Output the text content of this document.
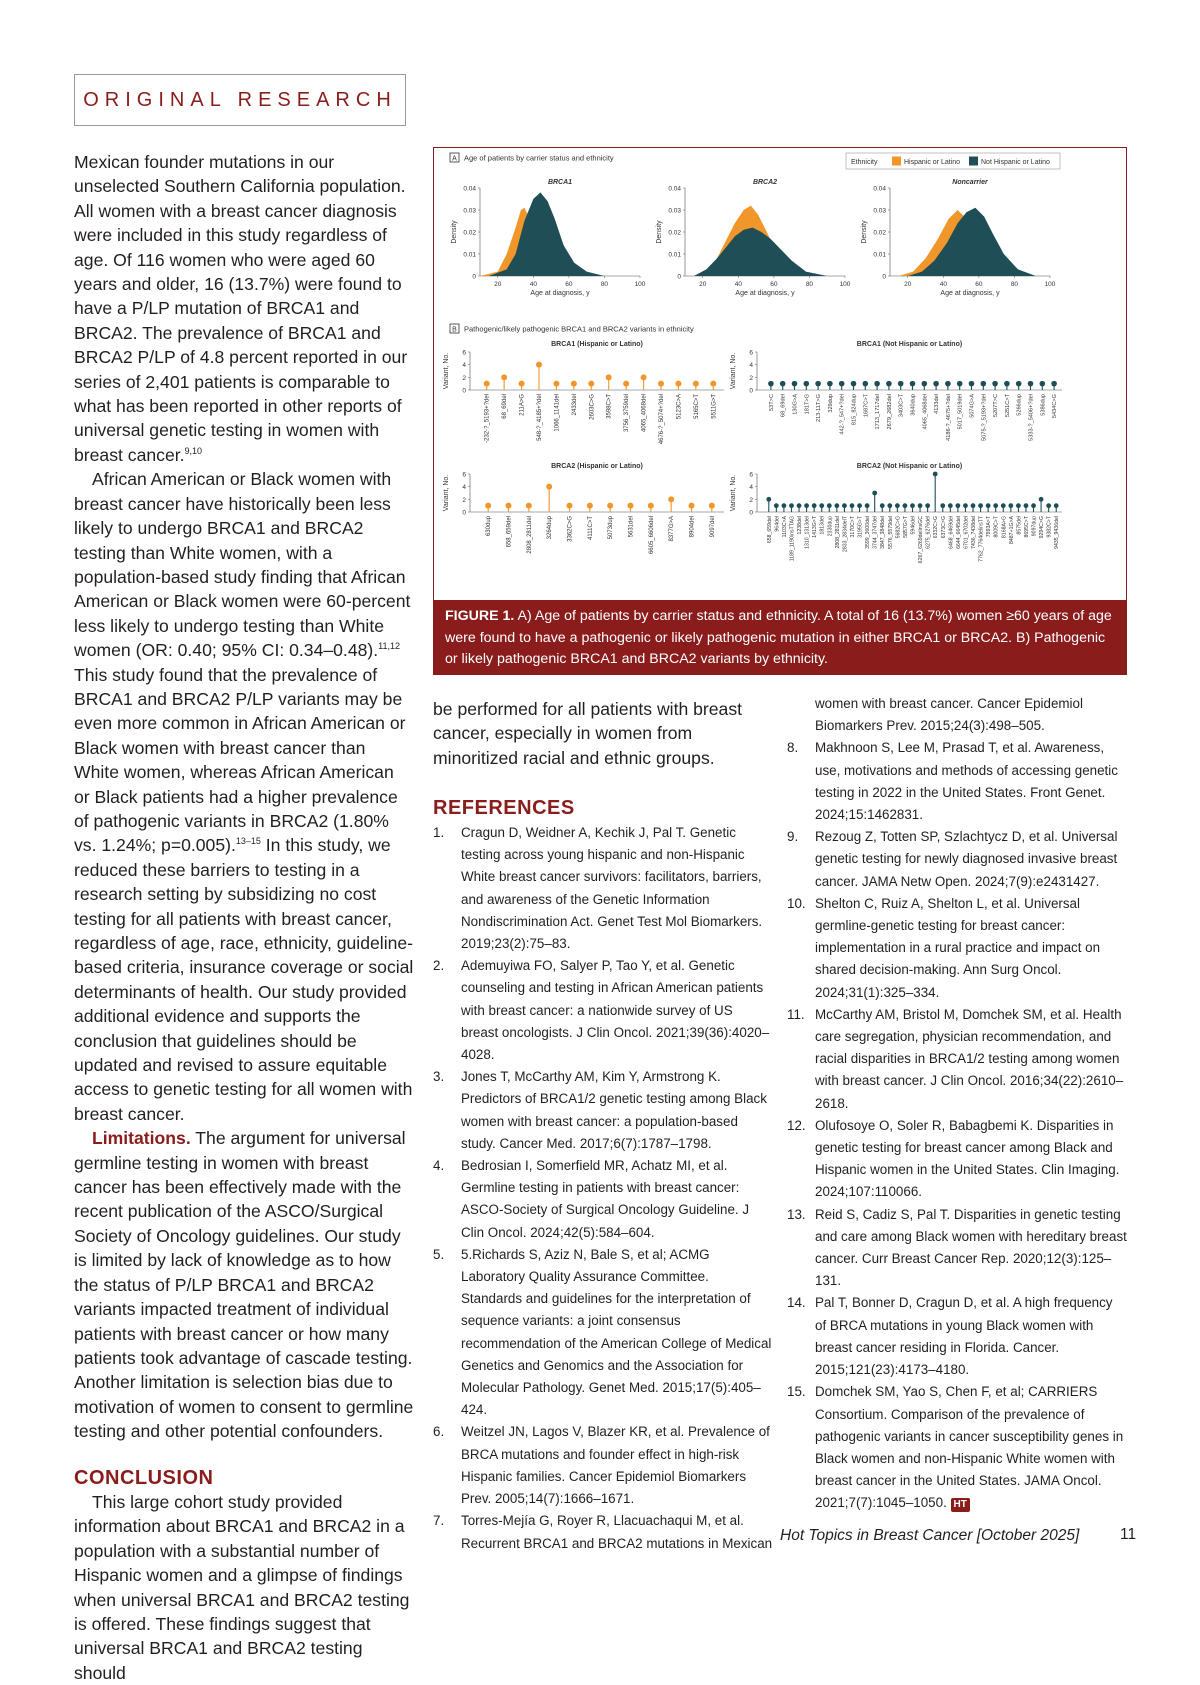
ORIGINAL RESEARCH

Mexican founder mutations in our unselected Southern California population. All women with a breast cancer diagnosis were included in this study regardless of age. Of 116 women who were aged 60 years and older, 16 (13.7%) were found to have a P/LP mutation of BRCA1 and BRCA2. The prevalence of BRCA1 and BRCA2 P/LP of 4.8 percent reported in our series of 2,401 patients is comparable to what has been reported in other reports of universal genetic testing in women with breast cancer.$^{9,10}$

African American or Black women with breast cancer have historically been less likely to undergo BRCA1 and BRCA2 testing than White women, with a population-based study finding that African American or Black women were 60-percent less likely to undergo testing than White women (OR: 0.40; 95% CI: 0.34–0.48).$^{11,12}$ This study found that the prevalence of BRCA1 and BRCA2 P/LP variants may be even more common in African American or Black women with breast cancer than White women, whereas African American or Black patients had a higher prevalence of pathogenic variants in BRCA2 (1.80% vs. 1.24%; p=0.005).$^{13-15}$ In this study, we reduced these barriers to testing in a research setting by subsidizing no cost testing for all patients with breast cancer, regardless of age, race, ethnicity, guideline-based criteria, insurance coverage or social determinants of health. Our study provided additional evidence and supports the conclusion that guidelines should be updated and revised to assure equitable access to genetic testing for all women with breast cancer.

Limitations. The argument for universal germline testing in women with breast cancer has been effectively made with the recent publication of the ASCO/Surgical Society of Oncology guidelines. Our study is limited by lack of knowledge as to how the status of P/LP BRCA1 and BRCA2 variants impacted treatment of individual patients with breast cancer or how many patients took advantage of cascade testing. Another limitation is selection bias due to motivation of women to consent to germline testing and other potential confounders.

CONCLUSION

This large cohort study provided information about BRCA1 and BRCA2 in a population with a substantial number of Hispanic women and a glimpse of findings when universal BRCA1 and BRCA2 testing is offered. These findings suggest that universal BRCA1 and BRCA2 testing should

A Age of patients by carrier status and ethnicity	Ethnicity	Hispanic or Latino	Not Hispanic or Latino
BRCA1
0
0.01
0.02
0.03
0.04
20	40	60	80	100
Age at diagnosis, y
Density
BRCA2
0
0.01
0.02
0.03
0.04
20	40	60	80	100
Age at diagnosis, y
Density
Noncarrier
0
0.01
0.02
0.03
0.04
20	40	60	80	100
Age at diagnosis, y
Density
B Pathogenic/likely pathogenic BRCA1 and BRCA2 variants in ethnicity
BRCA1 (Hispanic or Latino)
0
2
4
6
Variant, No.
-232-?_5193+?del 68_69del 211A>G 548-?_4185+?del 1066_1141del 2433del 2603C>G 3598C>T 3756_3759del 4065_4068del 4676-?_5074+?del 5123C>A 5165C>T 5511G>T
BRCA1 (Not Hispanic or Latino)
0
2
4
6
Variant, No.
53T>C 68_69del 130G>A 181T>G 213-11T>G 329dup 442-?_547+?del 815_824dup 1687C>T 1713_1717del 2679_2682del 3403C>T 3640dup 4065_4068del 4133del 4186-?_4675+?del 5017_5019del 5074G>A 5075-?_5193+?del 5207T>C 5251C>T 5266dup 5333-?_5406+?del 5386dup 5434C>G
BRCA2 (Hispanic or Latino)
0
2
4
6
Variant, No.
630dup 658_659del 2808_2811del 3264dup 3362C>G 4111C>T 5073dup 5631del 6605_6606del 8377G>A 8904del 9097del
BRCA2 (Not Hispanic or Latino)
0
2
4
6
Variant, No.
658_659del 964del 1103C>A 1189_1190insTTAG 1238del 1310_1313del 1413G>T 1813del 2330dup 2808_2811del 2833_2834delT 3170C>T 3195G>T 3599_3600del 3744_3747del 3847_3848del 5576_5579del 5682C>G 5857G>T 5946del 6267_6269delinsGC 6275_6276del 6332C>G 6373C>G 6468_6469del 6644_6645del 6701_6702del 7436_7438del 7762_7764delinsTT 7993A>T 8009C>T 8168A>G 8487+1G>A 8575del 8695C>T 9097dup 9294C>G 9382C>T 9435_9436del
FIGURE 1. A) Age of patients by carrier status and ethnicity. A total of 16 (13.7%) women ≥60 years of age were found to have a pathogenic or likely pathogenic mutation in either BRCA1 or BRCA2. B) Pathogenic or likely pathogenic BRCA1 and BRCA2 variants by ethnicity.

be performed for all patients with breast cancer, especially in women from minoritized racial and ethnic groups.

REFERENCES

1. Cragun D, Weidner A, Kechik J, Pal T. Genetic testing across young hispanic and non-Hispanic White breast cancer survivors: facilitators, barriers, and awareness of the Genetic Information Nondiscrimination Act. Genet Test Mol Biomarkers. 2019;23(2):75–83.
2. Ademuyiwa FO, Salyer P, Tao Y, et al. Genetic counseling and testing in African American patients with breast cancer: a nationwide survey of US breast oncologists. J Clin Oncol. 2021;39(36):4020–4028.
3. Jones T, McCarthy AM, Kim Y, Armstrong K. Predictors of BRCA1/2 genetic testing among Black women with breast cancer: a population-based study. Cancer Med. 2017;6(7):1787–1798.
4. Bedrosian I, Somerfield MR, Achatz MI, et al. Germline testing in patients with breast cancer: ASCO-Society of Surgical Oncology Guideline. J Clin Oncol. 2024;42(5):584–604.
5. 5.Richards S, Aziz N, Bale S, et al; ACMG Laboratory Quality Assurance Committee. Standards and guidelines for the interpretation of sequence variants: a joint consensus recommendation of the American College of Medical Genetics and Genomics and the Association for Molecular Pathology. Genet Med. 2015;17(5):405–424.
6. Weitzel JN, Lagos V, Blazer KR, et al. Prevalence of BRCA mutations and founder effect in high-risk Hispanic families. Cancer Epidemiol Biomarkers Prev. 2005;14(7):1666–1671.
7. Torres-Mejía G, Royer R, Llacuachaqui M, et al. Recurrent BRCA1 and BRCA2 mutations in Mexican
women with breast cancer. Cancer Epidemiol Biomarkers Prev. 2015;24(3):498–505.
8. Makhnoon S, Lee M, Prasad T, et al. Awareness, use, motivations and methods of accessing genetic testing in 2022 in the United States. Front Genet. 2024;15:1462831.
9. Rezoug Z, Totten SP, Szlachtycz D, et al. Universal genetic testing for newly diagnosed invasive breast cancer. JAMA Netw Open. 2024;7(9):e2431427.
10. Shelton C, Ruiz A, Shelton L, et al. Universal germline-genetic testing for breast cancer: implementation in a rural practice and impact on shared decision-making. Ann Surg Oncol. 2024;31(1):325–334.
11. McCarthy AM, Bristol M, Domchek SM, et al. Health care segregation, physician recommendation, and racial disparities in BRCA1/2 testing among women with breast cancer. J Clin Oncol. 2016;34(22):2610–2618.
12. Olufosoye O, Soler R, Babagbemi K. Disparities in genetic testing for breast cancer among Black and Hispanic women in the United States. Clin Imaging. 2024;107:110066.
13. Reid S, Cadiz S, Pal T. Disparities in genetic testing and care among Black women with hereditary breast cancer. Curr Breast Cancer Rep. 2020;12(3):125–131.
14. Pal T, Bonner D, Cragun D, et al. A high frequency of BRCA mutations in young Black women with breast cancer residing in Florida. Cancer. 2015;121(23):4173–4180.
15. Domchek SM, Yao S, Chen F, et al; CARRIERS Consortium. Comparison of the prevalence of pathogenic variants in cancer susceptibility genes in Black women and non-Hispanic White women with breast cancer in the United States. JAMA Oncol. 2021;7(7):1045–1050. HT
Hot Topics in Breast Cancer [October 2025]	11
